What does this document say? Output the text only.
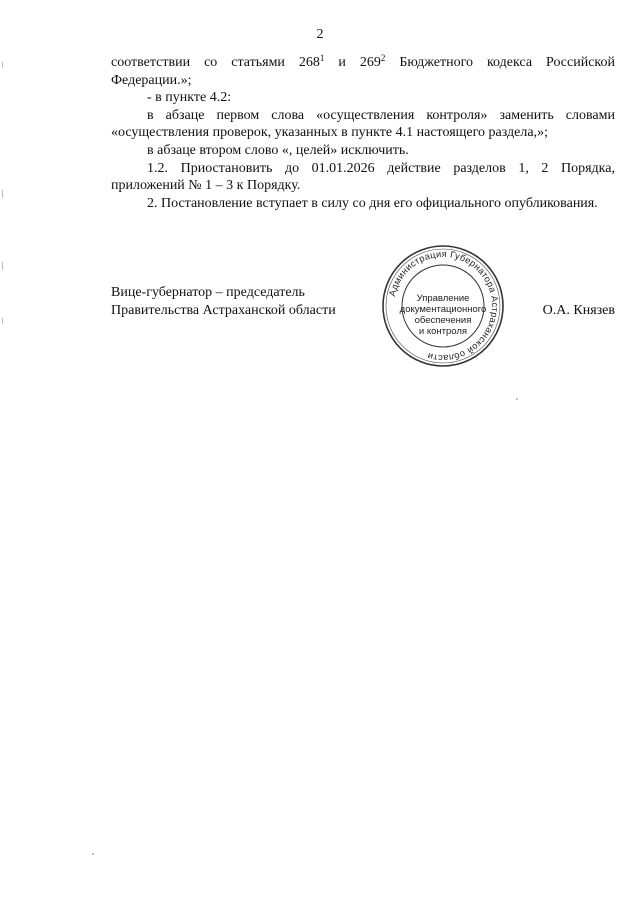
2

соответствии со статьями $268^1$ и $269^2$ Бюджетного кодекса Российской Федерации.»;

- в пункте 4.2:

в абзаце первом слова «осуществления контроля» заменить словами «осуществления проверок, указанных в пункте 4.1 настоящего раздела,»;

в абзаце втором слово «, целей» исключить.

1.2. Приостановить до 01.01.2026 действие разделов 1, 2 Порядка, приложений № 1 – 3 к Порядку.

2. Постановление вступает в силу со дня его официального опубликования.

Вице-губернатор – председатель
Правительства Астраханской области	О.А. Князев
Администрация Губернатора Астраханской области
Управление
документационного
обеспечения
и контроля
